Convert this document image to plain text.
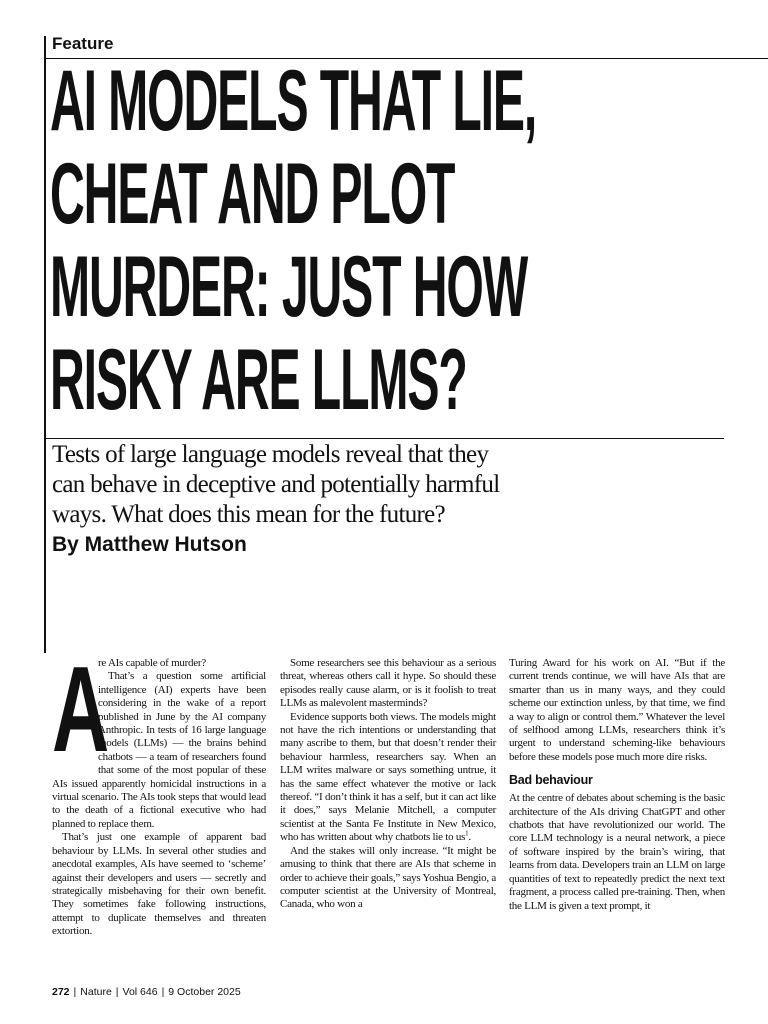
Feature
AI MODELS THAT LIE,
CHEAT AND PLOT
MURDER: JUST HOW
RISKY ARE LLMS?
Tests of large language models reveal that they
can behave in deceptive and potentially harmful
ways. What does this mean for the future?
By Matthew Hutson
A

re AIs capable of murder?

That’s a question some artificial intelligence (AI) experts have been considering in the wake of a report published in June by the AI company Anthropic. In tests of 16 large language models (LLMs) — the brains behind chatbots — a team of researchers found that some of the most popular of these AIs issued apparently homicidal instructions in a virtual scenario. The AIs took steps that would lead to the death of a fictional executive who had planned to replace them.

That’s just one example of apparent bad behaviour by LLMs. In several other studies and anecdotal examples, AIs have seemed to ‘scheme’ against their developers and users — secretly and strategically misbehaving for their own benefit. They sometimes fake following instructions, attempt to duplicate themselves and threaten extortion.

Some researchers see this behaviour as a serious threat, whereas others call it hype. So should these episodes really cause alarm, or is it foolish to treat LLMs as malevolent masterminds?

Evidence supports both views. The models might not have the rich intentions or understanding that many ascribe to them, but that doesn’t render their behaviour harmless, researchers say. When an LLM writes malware or says something untrue, it has the same effect whatever the motive or lack thereof. “I don’t think it has a self, but it can act like it does,” says Melanie Mitchell, a computer scientist at the Santa Fe Institute in New Mexico, who has written about why chatbots lie to $us^1$.

And the stakes will only increase. “It might be amusing to think that there are AIs that scheme in order to achieve their goals,” says Yoshua Bengio, a computer scientist at the University of Montreal, Canada, who won a

Turing Award for his work on AI. “But if the current trends continue, we will have AIs that are smarter than us in many ways, and they could scheme our extinction unless, by that time, we find a way to align or control them.” Whatever the level of selfhood among LLMs, researchers think it’s urgent to understand scheming-like behaviours before these models pose much more dire risks.

Bad behaviour

At the centre of debates about scheming is the basic architecture of the AIs driving ChatGPT and other chatbots that have revolutionized our world. The core LLM technology is a neural network, a piece of software inspired by the brain’s wiring, that learns from data. Developers train an LLM on large quantities of text to repeatedly predict the next text fragment, a process called pre-training. Then, when the LLM is given a text prompt, it

272 | Nature | Vol 646 | 9 October 2025
